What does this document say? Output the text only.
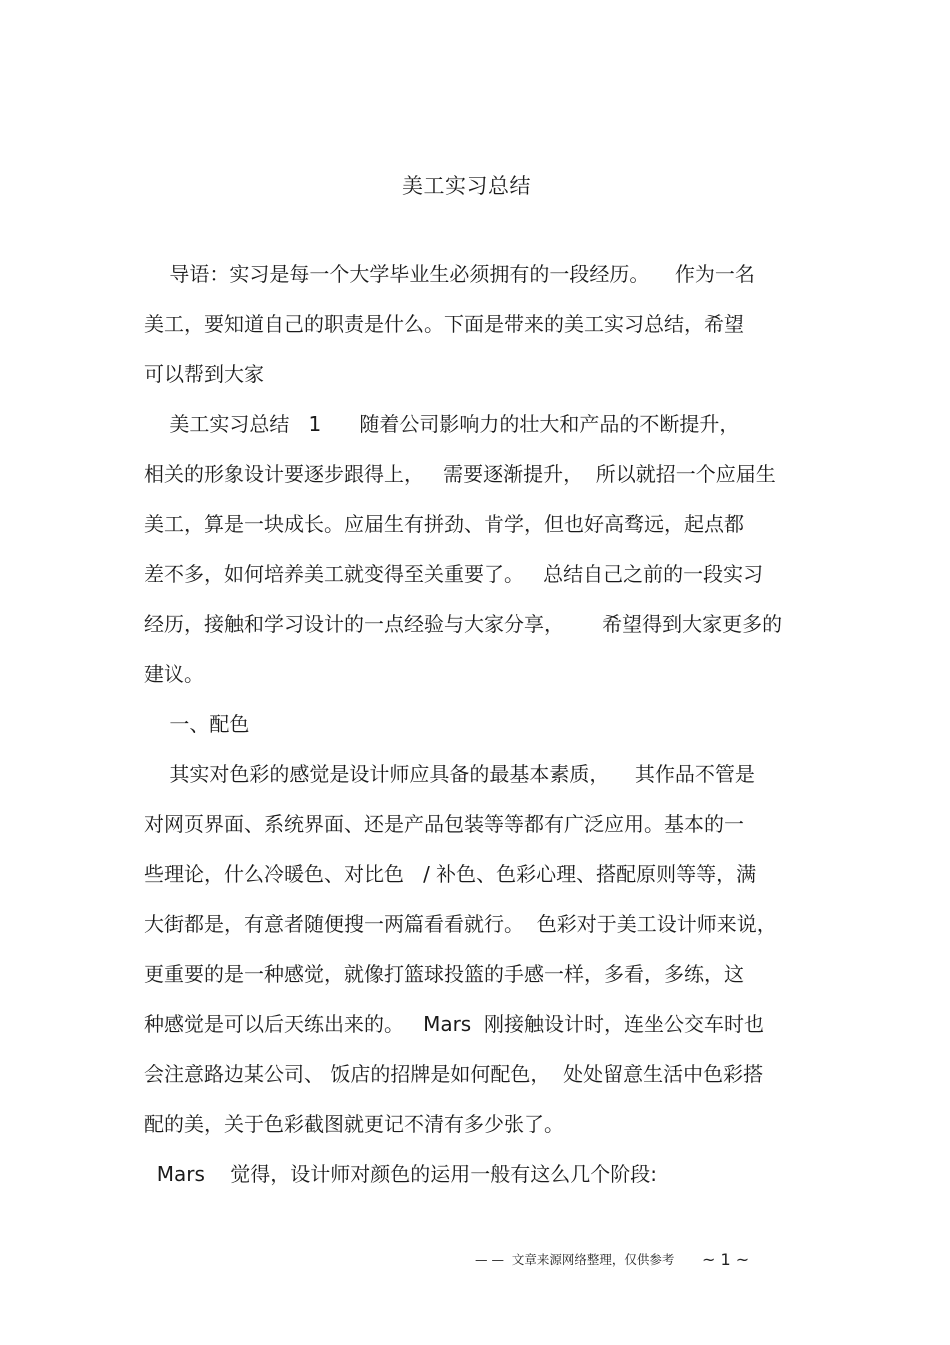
美工实习总结
导语：实习是每一个大学毕业生必须拥有的一段经历。    作为一名
美工，要知道自己的职责是什么。下面是带来的美工实习总结，希望
可以帮到大家
美工实习总结   1      随着公司影响力的壮大和产品的不断提升，
相关的形象设计要逐步跟得上，   需要逐渐提升，  所以就招一个应届生
美工，算是一块成长。应届生有拼劲、肯学，但也好高骛远，起点都
差不多，如何培养美工就变得至关重要了。   总结自己之前的一段实习
经历，接触和学习设计的一点经验与大家分享，      希望得到大家更多的
建议。
一、配色
其实对色彩的感觉是设计师应具备的最基本素质，    其作品不管是
对网页界面、系统界面、还是产品包装等等都有广泛应用。基本的一
些理论，什么冷暖色、对比色   / 补色、色彩心理、搭配原则等等，满
大街都是，有意者随便搜一两篇看看就行。  色彩对于美工设计师来说，
更重要的是一种感觉，就像打篮球投篮的手感一样，多看，多练，这
种感觉是可以后天练出来的。   Mars  刚接触设计时，连坐公交车时也
会注意路边某公司、 饭店的招牌是如何配色，  处处留意生活中色彩搭
配的美，关于色彩截图就更记不清有多少张了。
Mars    觉得，设计师对颜色的运用一般有这么几个阶段:
— —  文章来源网络整理，仅供参考 ~ 1 ~
